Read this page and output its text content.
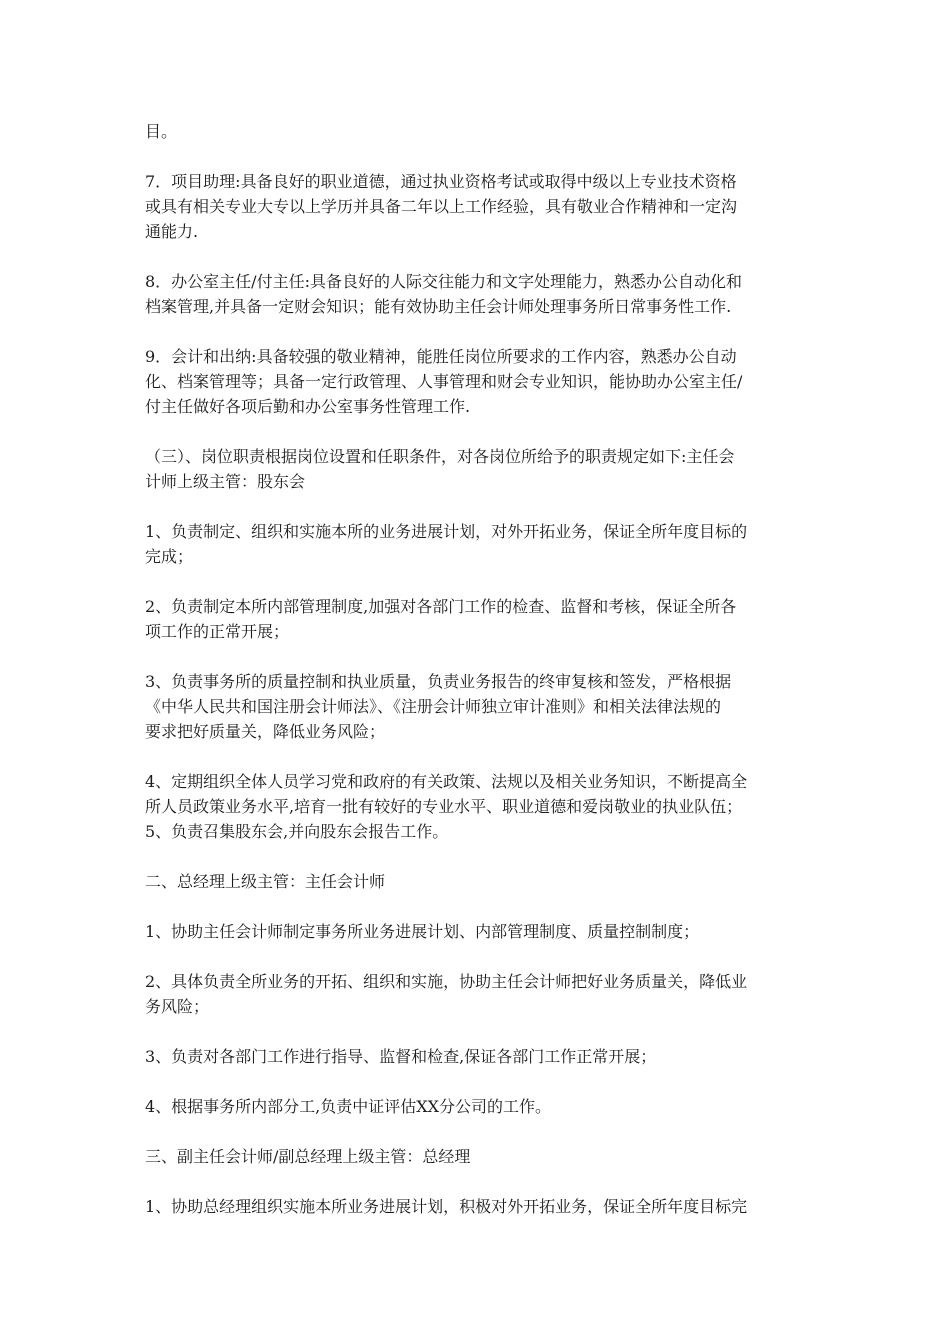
目。

7．项目助理:具备良好的职业道德，通过执业资格考试或取得中级以上专业技术资格
或具有相关专业大专以上学历并具备二年以上工作经验，具有敬业合作精神和一定沟
通能力.

8．办公室主任/付主任:具备良好的人际交往能力和文字处理能力，熟悉办公自动化和
档案管理,并具备一定财会知识；能有效协助主任会计师处理事务所日常事务性工作.

9．会计和出纳:具备较强的敬业精神，能胜任岗位所要求的工作内容，熟悉办公自动
化、档案管理等；具备一定行政管理、人事管理和财会专业知识，能协助办公室主任/
付主任做好各项后勤和办公室事务性管理工作.

（三）、岗位职责根据岗位设置和任职条件，对各岗位所给予的职责规定如下:主任会
计师上级主管：股东会

1、负责制定、组织和实施本所的业务进展计划，对外开拓业务，保证全所年度目标的
完成；

2、负责制定本所内部管理制度,加强对各部门工作的检查、监督和考核，保证全所各
项工作的正常开展；

3、负责事务所的质量控制和执业质量，负责业务报告的终审复核和签发，严格根据
《中华人民共和国注册会计师法》、《注册会计师独立审计准则》和相关法律法规的
要求把好质量关，降低业务风险；

4、定期组织全体人员学习党和政府的有关政策、法规以及相关业务知识，不断提高全
所人员政策业务水平,培育一批有较好的专业水平、职业道德和爱岗敬业的执业队伍；
5、负责召集股东会,并向股东会报告工作。

二、总经理上级主管：主任会计师

1、协助主任会计师制定事务所业务进展计划、内部管理制度、质量控制制度；

2、具体负责全所业务的开拓、组织和实施，协助主任会计师把好业务质量关，降低业
务风险；

3、负责对各部门工作进行指导、监督和检查,保证各部门工作正常开展；

4、根据事务所内部分工,负责中证评估XX分公司的工作。

三、副主任会计师/副总经理上级主管：总经理

1、协助总经理组织实施本所业务进展计划，积极对外开拓业务，保证全所年度目标完
